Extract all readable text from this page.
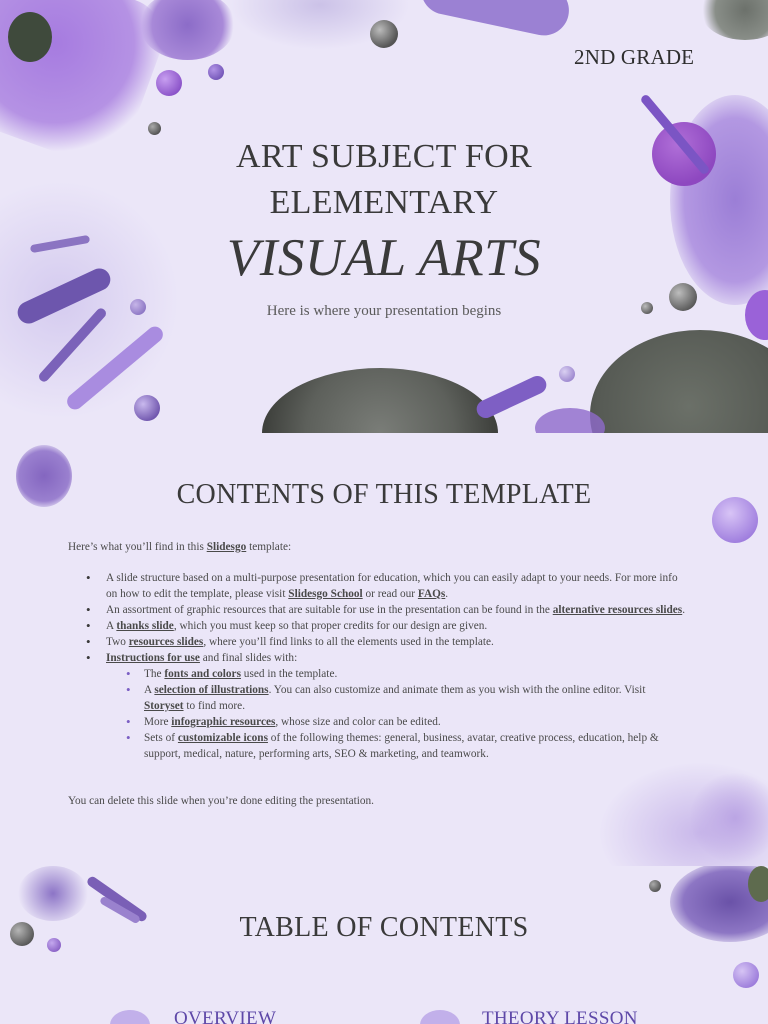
2ND GRADE
ART SUBJECT FOR
ELEMENTARY
VISUAL ARTS
Here is where your presentation begins
CONTENTS OF THIS TEMPLATE
Here’s what you’ll find in this Slidesgo template:
• A slide structure based on a multi-purpose presentation for education, which you can easily adapt to your needs. For more info on how to edit the template, please visit Slidesgo School or read our FAQs.
• An assortment of graphic resources that are suitable for use in the presentation can be found in the alternative resources slides.
• A thanks slide, which you must keep so that proper credits for our design are given.
• Two resources slides, where you’ll find links to all the elements used in the template.
• Instructions for use and final slides with:
• The fonts and colors used in the template.
• A selection of illustrations. You can also customize and animate them as you wish with the online editor. Visit Storyset to find more.
• More infographic resources, whose size and color can be edited.
• Sets of customizable icons of the following themes: general, business, avatar, creative process, education, help & support, medical, nature, performing arts, SEO & marketing, and teamwork.
You can delete this slide when you’re done editing the presentation.
TABLE OF CONTENTS
OVERVIEW	THEORY LESSON
